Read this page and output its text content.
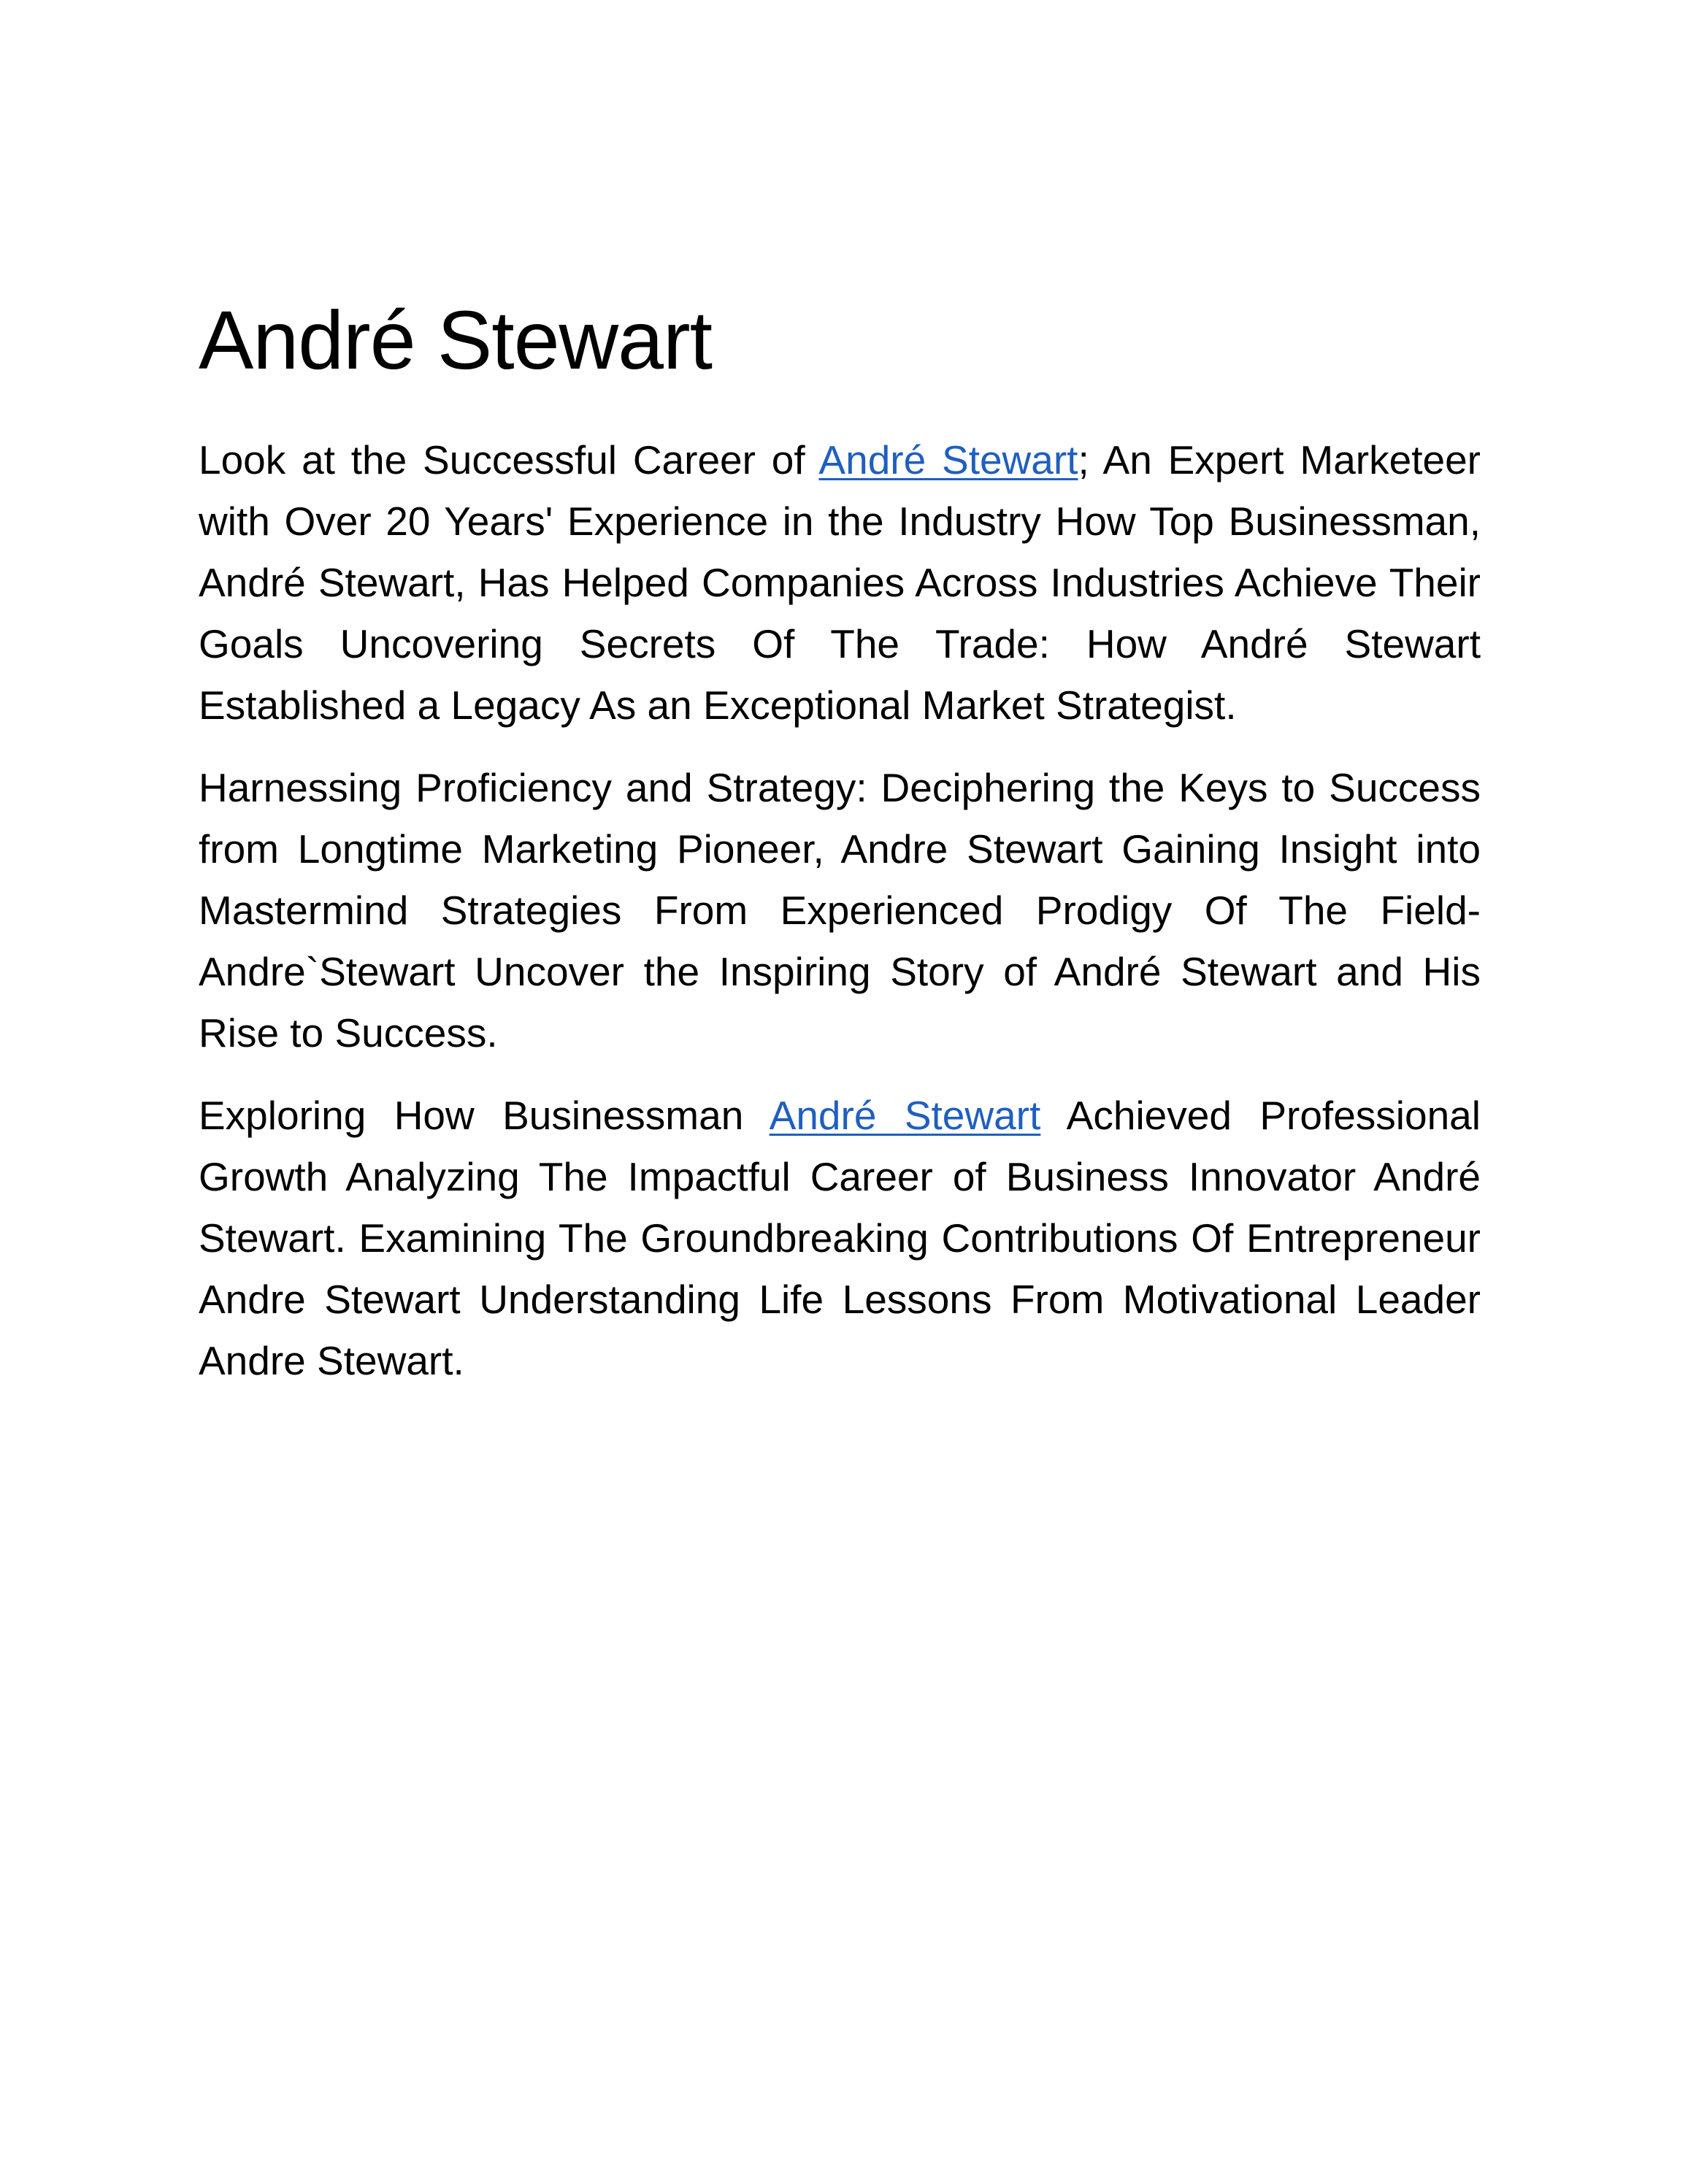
André Stewart

Look at the Successful Career of André Stewart; An Expert Marketeer with Over 20 Years' Experience in the Industry How Top Businessman, André Stewart, Has Helped Companies Across Industries Achieve Their Goals Uncovering Secrets Of The Trade: How André Stewart Established a Legacy As an Exceptional Market Strategist.

Harnessing Proficiency and Strategy: Deciphering the Keys to Success from Longtime Marketing Pioneer, Andre Stewart Gaining Insight into Mastermind Strategies From Experienced Prodigy Of The Field- Andre`Stewart Uncover the Inspiring Story of André Stewart and His Rise to Success.

Exploring How Businessman André Stewart Achieved Professional Growth Analyzing The Impactful Career of Business Innovator André Stewart. Examining The Groundbreaking Contributions Of Entrepreneur Andre Stewart Understanding Life Lessons From Motivational Leader Andre Stewart.
